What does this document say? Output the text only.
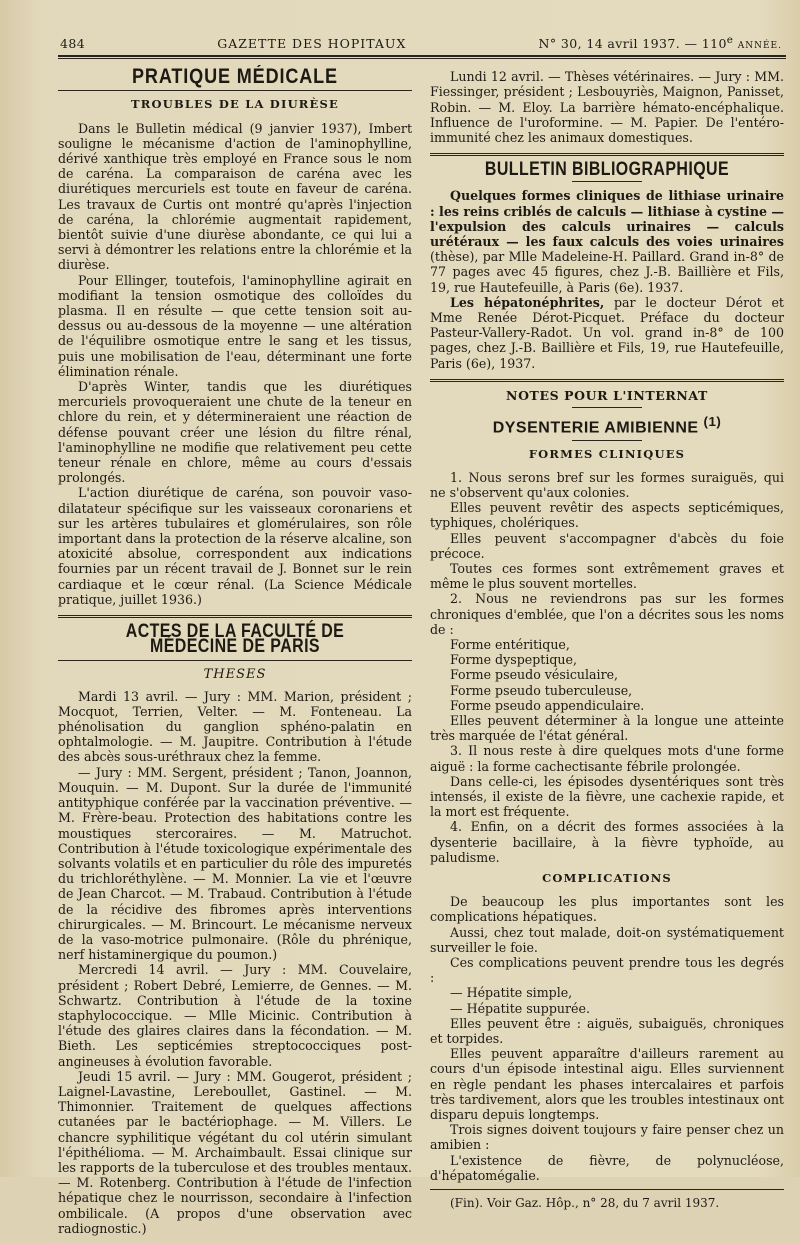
484	GAZETTE DES HOPITAUX	N° 30, 14 avril 1937. — 110e ANNÉE.
PRATIQUE MÉDICALE
TROUBLES DE LA DIURÈSE

Dans le Bulletin médical (9 janvier 1937), Imbert souligne le mécanisme d'action de l'aminophylline, dérivé xanthique très employé en France sous le nom de caréna. La comparaison de caréna avec les diurétiques mercuriels est toute en faveur de caréna. Les travaux de Curtis ont montré qu'après l'injection de caréna, la chlorémie augmentait rapidement, bientôt suivie d'une diurèse abondante, ce qui lui a servi à démontrer les relations entre la chlorémie et la diurèse.

Pour Ellinger, toutefois, l'aminophylline agirait en modifiant la tension osmotique des colloïdes du plasma. Il en résulte — que cette tension soit au-dessus ou au-dessous de la moyenne — une altération de l'équilibre osmotique entre le sang et les tissus, puis une mobilisation de l'eau, déterminant une forte élimination rénale.

D'après Winter, tandis que les diurétiques mercuriels provoqueraient une chute de la teneur en chlore du rein, et y détermineraient une réaction de défense pouvant créer une lésion du filtre rénal, l'aminophylline ne modifie que relativement peu cette teneur rénale en chlore, même au cours d'essais prolongés.

L'action diurétique de caréna, son pouvoir vaso-dilatateur spécifique sur les vaisseaux coronariens et sur les artères tubulaires et glomérulaires, son rôle important dans la protection de la réserve alcaline, son atoxicité absolue, correspondent aux indications fournies par un récent travail de J. Bonnet sur le rein cardiaque et le cœur rénal. (La Science Médicale pratique, juillet 1936.)

ACTES DE LA FACULTÉ DE MÉDECINE DE PARIS
THESES

Mardi 13 avril. — Jury : MM. Marion, président ; Mocquot, Terrien, Velter. — M. Fonteneau. La phénolisation du ganglion sphéno-palatin en ophtalmologie. — M. Jaupitre. Contribution à l'étude des abcès sous-uréthraux chez la femme.

— Jury : MM. Sergent, président ; Tanon, Joannon, Mouquin. — M. Dupont. Sur la durée de l'immunité antityphique conférée par la vaccination préventive. — M. Frère-beau. Protection des habitations contre les moustiques stercoraires. — M. Matruchot. Contribution à l'étude toxicologique expérimentale des solvants volatils et en particulier du rôle des impuretés du trichloréthylène. — M. Monnier. La vie et l'œuvre de Jean Charcot. — M. Trabaud. Contribution à l'étude de la récidive des fibromes après interventions chirurgicales. — M. Brincourt. Le mécanisme nerveux de la vaso-motrice pulmonaire. (Rôle du phrénique, nerf histaminergique du poumon.)

Mercredi 14 avril. — Jury : MM. Couvelaire, président ; Robert Debré, Lemierre, de Gennes. — M. Schwartz. Contribution à l'étude de la toxine staphylococcique. — Mlle Micinic. Contribution à l'étude des glaires claires dans la fécondation. — M. Bieth. Les septicémies streptococciques post-angineuses à évolution favorable.

Jeudi 15 avril. — Jury : MM. Gougerot, président ; Laignel-Lavastine, Lereboullet, Gastinel. — M. Thimonnier. Traitement de quelques affections cutanées par le bactériophage. — M. Villers. Le chancre syphilitique végétant du col utérin simulant l'épithélioma. — M. Archaimbault. Essai clinique sur les rapports de la tuberculose et des troubles mentaux. — M. Rotenberg. Contribution à l'étude de l'infection hépatique chez le nourrisson, secondaire à l'infection ombilicale. (A propos d'une observation avec radiognostic.)

Lundi 12 avril. — Thèses vétérinaires. — Jury : MM. Fiessinger, président ; Lesbouyriès, Maignon, Panisset, Robin. — M. Eloy. La barrière hémato-encéphalique. Influence de l'uroformine. — M. Papier. De l'entéro-immunité chez les animaux domestiques.

BULLETIN BIBLIOGRAPHIQUE

Quelques formes cliniques de lithiase urinaire : les reins criblés de calculs — lithiase à cystine — l'expulsion des calculs urinaires — calculs urétéraux — les faux calculs des voies urinaires (thèse), par Mlle Madeleine-H. Paillard. Grand in-8° de 77 pages avec 45 figures, chez J.-B. Baillière et Fils, 19, rue Hautefeuille, à Paris (6e). 1937.

Les hépatonéphrites, par le docteur Dérot et Mme Renée Dérot-Picquet. Préface du docteur Pasteur-Vallery-Radot. Un vol. grand in-8° de 100 pages, chez J.-B. Baillière et Fils, 19, rue Hautefeuille, Paris (6e), 1937.

NOTES POUR L'INTERNAT
DYSENTERIE AMIBIENNE $^{(1)}$
FORMES CLINIQUES

1. Nous serons bref sur les formes suraiguës, qui ne s'observent qu'aux colonies.

Elles peuvent revêtir des aspects septicémiques, typhiques, cholériques.

Elles peuvent s'accompagner d'abcès du foie précoce.

Toutes ces formes sont extrêmement graves et même le plus souvent mortelles.

2. Nous ne reviendrons pas sur les formes chroniques d'emblée, que l'on a décrites sous les noms de :

Forme entéritique,
Forme dyspeptique,
Forme pseudo vésiculaire,
Forme pseudo tuberculeuse,
Forme pseudo appendiculaire.

Elles peuvent déterminer à la longue une atteinte très marquée de l'état général.

3. Il nous reste à dire quelques mots d'une forme aiguë : la forme cachectisante fébrile prolongée.

Dans celle-ci, les épisodes dysentériques sont très intensés, il existe de la fièvre, une cachexie rapide, et la mort est fréquente.

4. Enfin, on a décrit des formes associées à la dysenterie bacillaire, à la fièvre typhoïde, au paludisme.

COMPLICATIONS

De beaucoup les plus importantes sont les complications hépatiques.

Aussi, chez tout malade, doit-on systématiquement surveiller le foie.

Ces complications peuvent prendre tous les degrés :

— Hépatite simple,

— Hépatite suppurée.

Elles peuvent être : aiguës, subaiguës, chroniques et torpides.

Elles peuvent apparaître d'ailleurs rarement au cours d'un épisode intestinal aigu. Elles surviennent en règle pendant les phases intercalaires et parfois très tardivement, alors que les troubles intestinaux ont disparu depuis longtemps.

Trois signes doivent toujours y faire penser chez un amibien :

L'existence de fièvre, de polynucléose, d'hépatomégalie.

(Fin). Voir Gaz. Hôp., n° 28, du 7 avril 1937.
